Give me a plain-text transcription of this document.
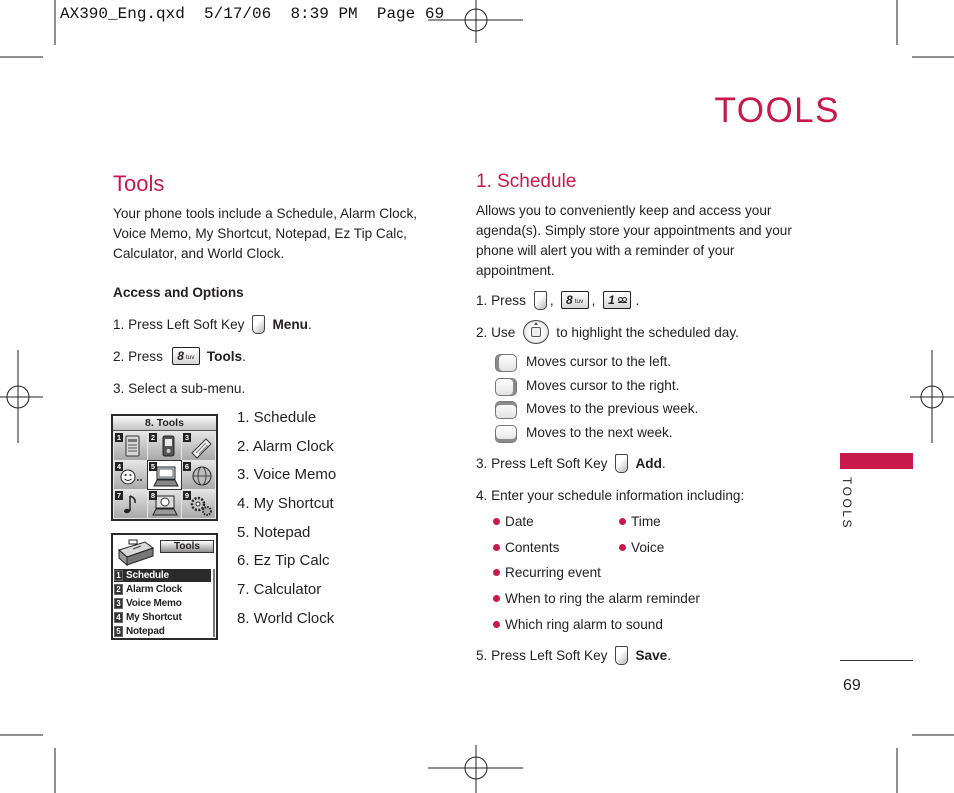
AX390_Eng.qxd  5/17/06  8:39 PM  Page 69
TOOLS
Tools
Your phone tools include a Schedule, Alarm Clock,
Voice Memo, My Shortcut, Notepad, Ez Tip Calc,
Calculator, and World Clock.
Access and Options
1. Press Left Soft Key Menu .
2. Press 8 tuv Tools .
3. Select a sub-menu.
8. Tools
1	2	3
4	5	6
7	8	9
Tools
1 Schedule
2 Alarm Clock
3 Voice Memo
4 My Shortcut
5 Notepad
1. Schedule
2. Alarm Clock
3. Voice Memo
4. My Shortcut
5. Notepad
6. Ez Tip Calc
7. Calculator
8. World Clock
1. Schedule
Allows you to conveniently keep and access your
agenda(s). Simply store your appointments and your
phone will alert you with a reminder of your
appointment.
1. Press , 8 tuv , 1 .
2. Use	to highlight the scheduled day.
Moves cursor to the left.
Moves cursor to the right.
Moves to the previous week.
Moves to the next week.
3. Press Left Soft Key Add .
4. Enter your schedule information including:
Date	Time
Contents	Voice
Recurring event
When to ring the alarm reminder
Which ring alarm to sound
5. Press Left Soft Key Save .
TOOLS
69
